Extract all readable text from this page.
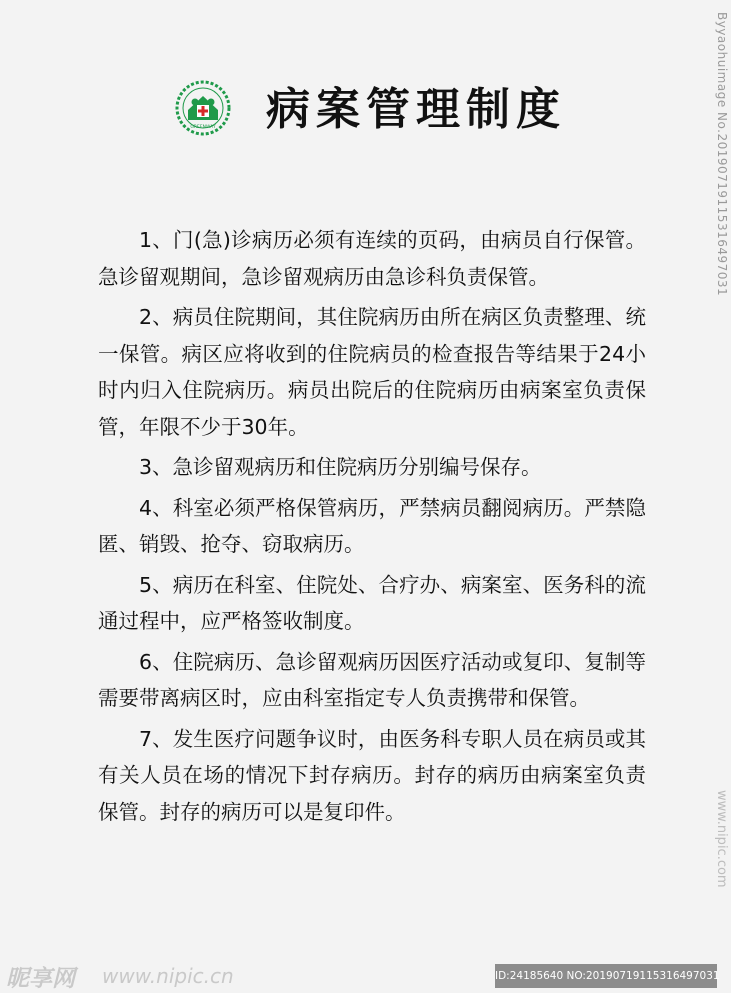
GREENWAY 病案管理制度

1、门(急)诊病历必须有连续的页码，由病员自行保管。急诊留观期间，急诊留观病历由急诊科负责保管。

2、病员住院期间，其住院病历由所在病区负责整理、统一保管。病区应将收到的住院病员的检查报告等结果于24小时内归入住院病历。病员出院后的住院病历由病案室负责保管，年限不少于30年。

3、急诊留观病历和住院病历分别编号保存。

4、科室必须严格保管病历，严禁病员翻阅病历。严禁隐匿、销毁、抢夺、窃取病历。

5、病历在科室、住院处、合疗办、病案室、医务科的流通过程中，应严格签收制度。

6、住院病历、急诊留观病历因医疗活动或复印、复制等需要带离病区时，应由科室指定专人负责携带和保管。

7、发生医疗问题争议时，由医务科专职人员在病员或其有关人员在场的情况下封存病历。封存的病历由病案室负责保管。封存的病历可以是复印件。

Byyaohuimage No.20190719115316497031
www.nipic.com
昵享网 www.nipic.cn	ID:24185640 NO:20190719115316497031
